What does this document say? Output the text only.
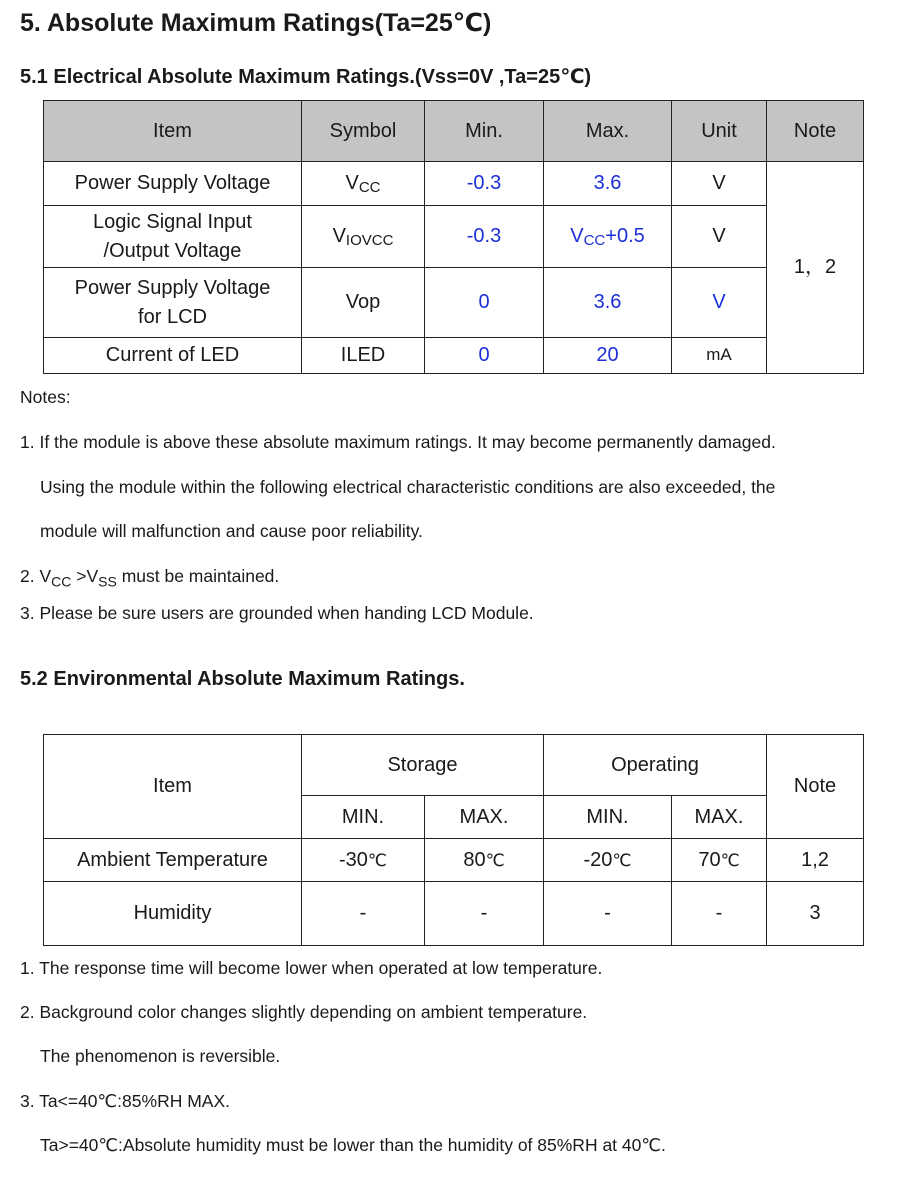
5. Absolute Maximum Ratings(Ta=25℃)
5.1 Electrical Absolute Maximum Ratings.(Vss=0V ,Ta=25℃)
Item	Symbol	Min.	Max.	Unit	Note
Power Supply Voltage	$V_{CC}$	-0.3	3.6	V	1，2
Logic Signal Input
/Output Voltage	$V_{IOVCC}$	-0.3	$V_{CC}+0.5$	V	
Power Supply Voltage
for LCD	Vop	0	3.6	V	
Current of LED	ILED	0	20	mA	

Notes:

1. If the module is above these absolute maximum ratings. It may become permanently damaged.

Using the module within the following electrical characteristic conditions are also exceeded, the

module will malfunction and cause poor reliability.

2. $V_{CC} >V_{SS}$ must be maintained.

3. Please be sure users are grounded when handing LCD Module.

5.2 Environmental Absolute Maximum Ratings.
Item	Storage		Operating		Note
	MIN.	MAX.	MIN.	MAX.	
Ambient Temperature	-30℃	80℃	-20℃	70℃	1,2
Humidity	-	-	-	-	3

1. The response time will become lower when operated at low temperature.

2. Background color changes slightly depending on ambient temperature.

The phenomenon is reversible.

3. Ta<=40℃:85%RH MAX.

Ta>=40℃:Absolute humidity must be lower than the humidity of 85%RH at 40℃.
